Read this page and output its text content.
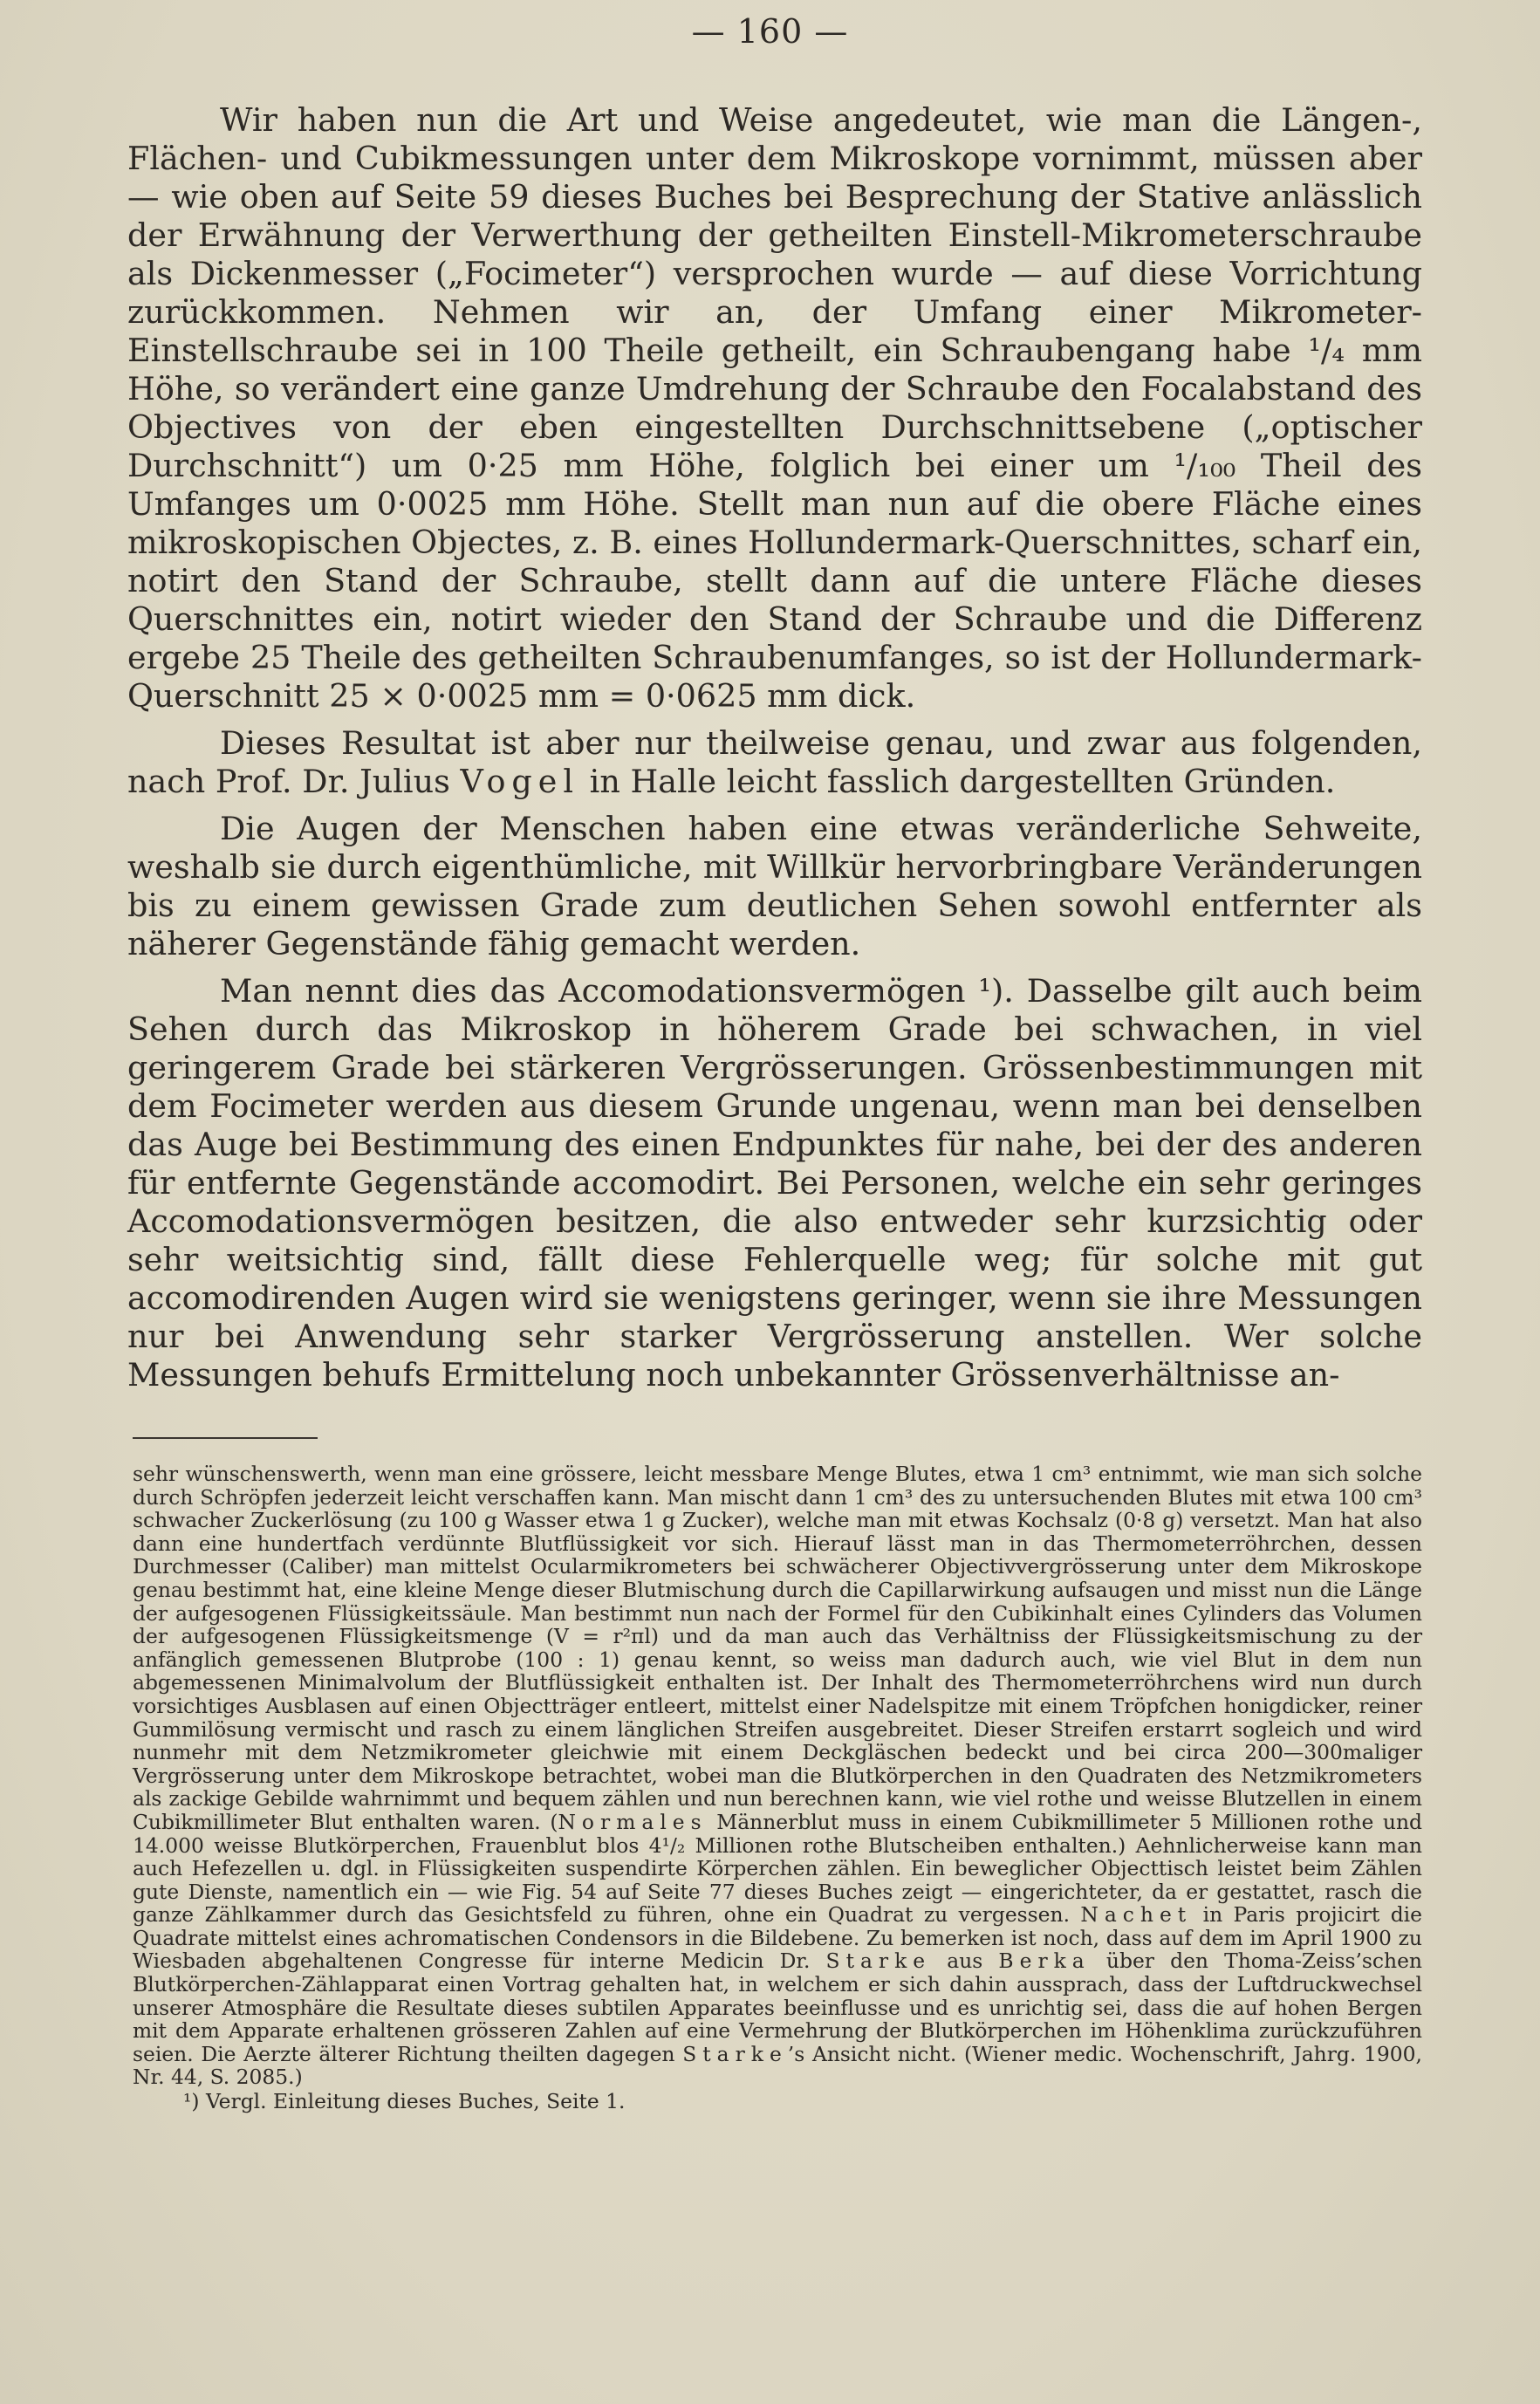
— 160 —

Wir haben nun die Art und Weise angedeutet, wie man die Längen-, Flächen- und Cubikmessungen unter dem Mikroskope vornimmt, müssen aber — wie oben auf Seite 59 dieses Buches bei Besprechung der Stative anlässlich der Erwähnung der Verwerthung der getheilten Einstell-Mikrometerschraube als Dickenmesser („Focimeter“) versprochen wurde — auf diese Vorrichtung zurückkommen. Nehmen wir an, der Umfang einer Mikrometer-Einstellschraube sei in 100 Theile getheilt, ein Schraubengang habe ¹/₄ mm Höhe, so verändert eine ganze Umdrehung der Schraube den Focalabstand des Objectives von der eben eingestellten Durchschnittsebene („optischer Durchschnitt“) um 0·25 mm Höhe, folglich bei einer um ¹/₁₀₀ Theil des Umfanges um 0·0025 mm Höhe. Stellt man nun auf die obere Fläche eines mikroskopischen Objectes, z. B. eines Hollundermark-Querschnittes, scharf ein, notirt den Stand der Schraube, stellt dann auf die untere Fläche dieses Querschnittes ein, notirt wieder den Stand der Schraube und die Differenz ergebe 25 Theile des getheilten Schraubenumfanges, so ist der Hollundermark-Querschnitt 25 × 0·0025 mm = 0·0625 mm dick.

Dieses Resultat ist aber nur theilweise genau, und zwar aus folgenden, nach Prof. Dr. Julius Vogel in Halle leicht fasslich dargestellten Gründen.

Die Augen der Menschen haben eine etwas veränderliche Sehweite, weshalb sie durch eigenthümliche, mit Willkür hervorbringbare Veränderungen bis zu einem gewissen Grade zum deutlichen Sehen sowohl entfernter als näherer Gegenstände fähig gemacht werden.

Man nennt dies das Accomodationsvermögen ¹). Dasselbe gilt auch beim Sehen durch das Mikroskop in höherem Grade bei schwachen, in viel geringerem Grade bei stärkeren Vergrösserungen. Grössenbestimmungen mit dem Focimeter werden aus diesem Grunde ungenau, wenn man bei denselben das Auge bei Bestimmung des einen Endpunktes für nahe, bei der des anderen für entfernte Gegenstände accomodirt. Bei Personen, welche ein sehr geringes Accomodationsvermögen besitzen, die also entweder sehr kurzsichtig oder sehr weitsichtig sind, fällt diese Fehlerquelle weg; für solche mit gut accomodirenden Augen wird sie wenigstens geringer, wenn sie ihre Messungen nur bei Anwendung sehr starker Vergrösserung anstellen. Wer solche Messungen behufs Ermittelung noch unbekannter Grössenverhältnisse an-

sehr wünschenswerth, wenn man eine grössere, leicht messbare Menge Blutes, etwa 1 cm³ entnimmt, wie man sich solche durch Schröpfen jederzeit leicht verschaffen kann. Man mischt dann 1 cm³ des zu untersuchenden Blutes mit etwa 100 cm³ schwacher Zuckerlösung (zu 100 g Wasser etwa 1 g Zucker), welche man mit etwas Kochsalz (0·8 g) versetzt. Man hat also dann eine hundertfach verdünnte Blutflüssigkeit vor sich. Hierauf lässt man in das Thermometerröhrchen, dessen Durchmesser (Caliber) man mittelst Ocularmikrometers bei schwächerer Objectivvergrösserung unter dem Mikroskope genau bestimmt hat, eine kleine Menge dieser Blutmischung durch die Capillarwirkung aufsaugen und misst nun die Länge der aufgesogenen Flüssigkeitssäule. Man bestimmt nun nach der Formel für den Cubikinhalt eines Cylinders das Volumen der aufgesogenen Flüssigkeitsmenge (V = r²πl) und da man auch das Verhältniss der Flüssigkeitsmischung zu der anfänglich gemessenen Blutprobe (100 : 1) genau kennt, so weiss man dadurch auch, wie viel Blut in dem nun abgemessenen Minimalvolum der Blutflüssigkeit enthalten ist. Der Inhalt des Thermometerröhrchens wird nun durch vorsichtiges Ausblasen auf einen Objectträger entleert, mittelst einer Nadelspitze mit einem Tröpfchen honigdicker, reiner Gummilösung vermischt und rasch zu einem länglichen Streifen ausgebreitet. Dieser Streifen erstarrt sogleich und wird nunmehr mit dem Netzmikrometer gleichwie mit einem Deckgläschen bedeckt und bei circa 200—300maliger Vergrösserung unter dem Mikroskope betrachtet, wobei man die Blutkörperchen in den Quadraten des Netzmikrometers als zackige Gebilde wahrnimmt und bequem zählen und nun berechnen kann, wie viel rothe und weisse Blutzellen in einem Cubikmillimeter Blut enthalten waren. (Normales Männerblut muss in einem Cubikmillimeter 5 Millionen rothe und 14.000 weisse Blutkörperchen, Frauenblut blos 4¹/₂ Millionen rothe Blutscheiben enthalten.) Aehnlicherweise kann man auch Hefezellen u. dgl. in Flüssigkeiten suspendirte Körperchen zählen. Ein beweglicher Objecttisch leistet beim Zählen gute Dienste, namentlich ein — wie Fig. 54 auf Seite 77 dieses Buches zeigt — eingerichteter, da er gestattet, rasch die ganze Zählkammer durch das Gesichtsfeld zu führen, ohne ein Quadrat zu vergessen. Nachet in Paris projicirt die Quadrate mittelst eines achromatischen Condensors in die Bildebene. Zu bemerken ist noch, dass auf dem im April 1900 zu Wiesbaden abgehaltenen Congresse für interne Medicin Dr. Starke aus Berka über den Thoma-Zeiss’schen Blutkörperchen-Zählapparat einen Vortrag gehalten hat, in welchem er sich dahin aussprach, dass der Luftdruckwechsel unserer Atmosphäre die Resultate dieses subtilen Apparates beeinflusse und es unrichtig sei, dass die auf hohen Bergen mit dem Apparate erhaltenen grösseren Zahlen auf eine Vermehrung der Blutkörperchen im Höhenklima zurückzuführen seien. Die Aerzte älterer Richtung theilten dagegen Starke’s Ansicht nicht. (Wiener medic. Wochenschrift, Jahrg. 1900, Nr. 44, S. 2085.)

¹) Vergl. Einleitung dieses Buches, Seite 1.
